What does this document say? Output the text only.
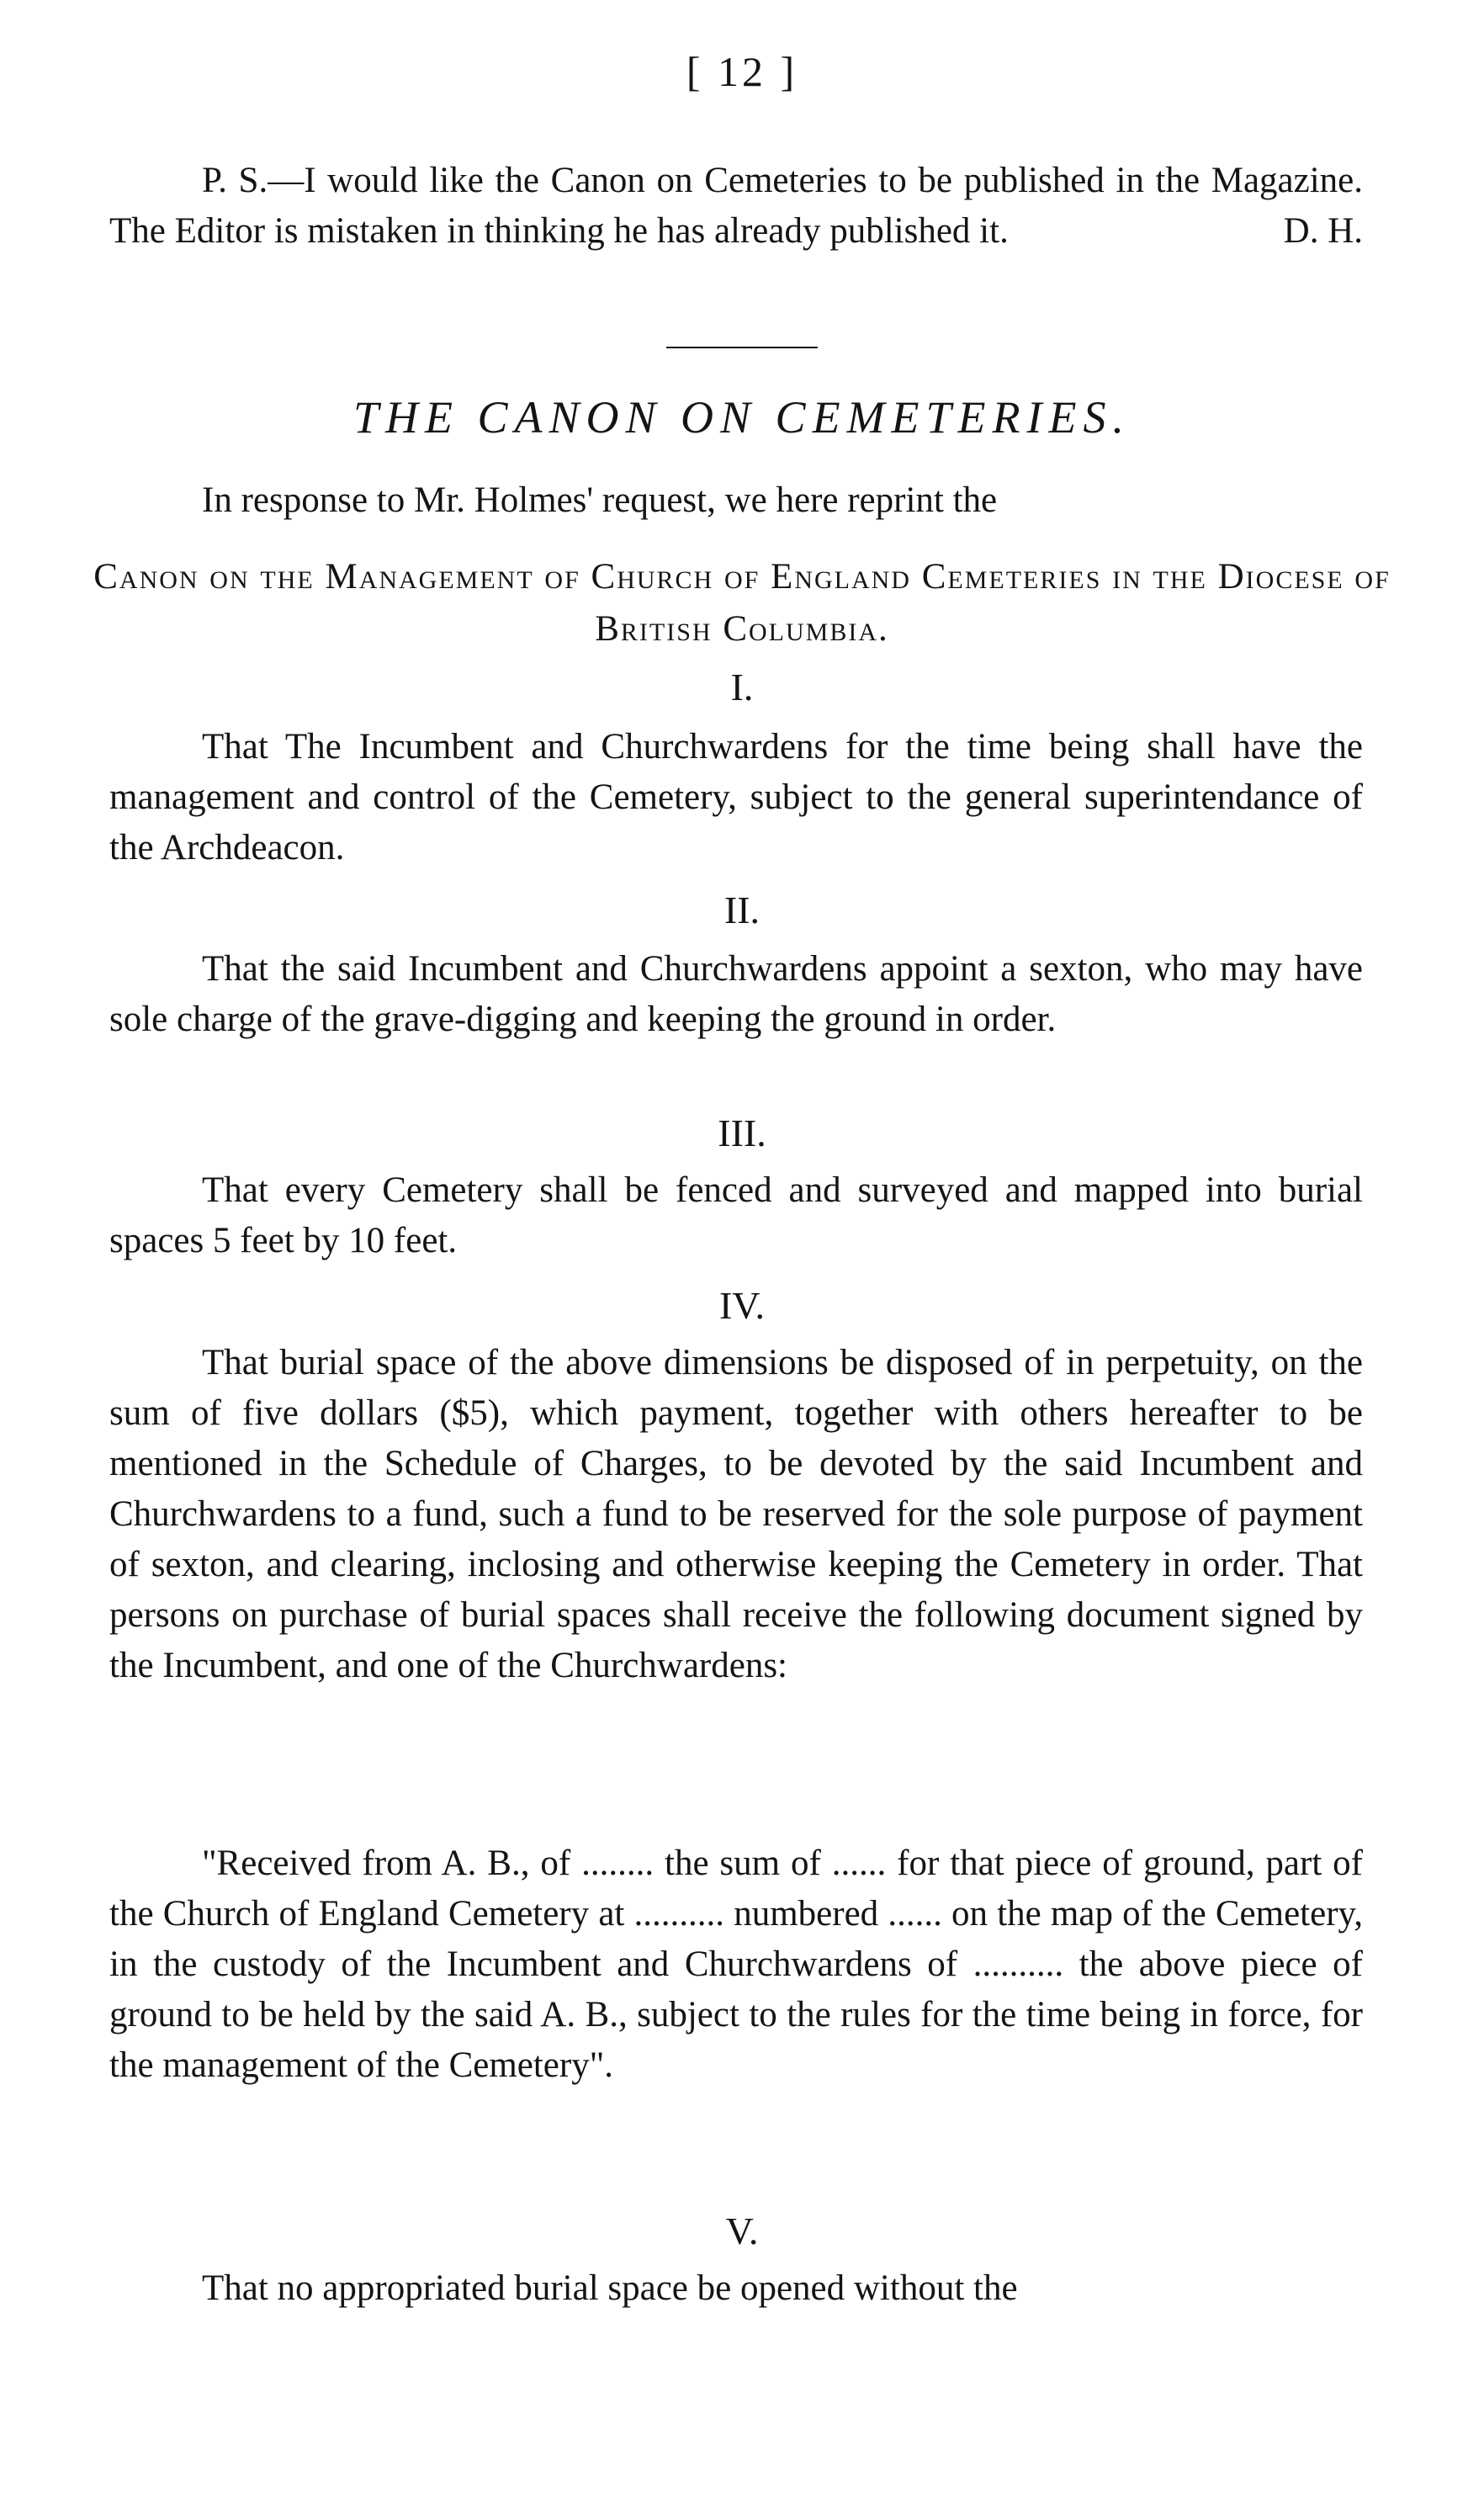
[ 12 ]

P. S.—I would like the Canon on Cemeteries to be published in the Magazine. The Editor is mistaken in thinking he has already published it.	D. H.
THE CANON ON CEMETERIES.

In response to Mr. Holmes' request, we here reprint the

Canon on the Management of Church of England Cemeteries in the Diocese of British Columbia.
I.

That The Incumbent and Churchwardens for the time being shall have the management and control of the Cemetery, subject to the general superintendance of the Archdeacon.

II.

That the said Incumbent and Churchwardens appoint a sexton, who may have sole charge of the grave-digging and keeping the ground in order.

III.

That every Cemetery shall be fenced and surveyed and mapped into burial spaces 5 feet by 10 feet.

IV.

That burial space of the above dimensions be disposed of in perpetuity, on the sum of five dollars ($5), which payment, together with others hereafter to be mentioned in the Schedule of Charges, to be devoted by the said Incumbent and Churchwardens to a fund, such a fund to be reserved for the sole purpose of payment of sexton, and clearing, inclosing and otherwise keeping the Cemetery in order. That persons on purchase of burial spaces shall receive the following document signed by the Incumbent, and one of the Churchwardens:

"Received from A. B., of ........ the sum of ...... for that piece of ground, part of the Church of England Cemetery at .......... numbered ...... on the map of the Cemetery, in the custody of the Incumbent and Churchwardens of .......... the above piece of ground to be held by the said A. B., subject to the rules for the time being in force, for the management of the Cemetery".

V.

That no appropriated burial space be opened without the
